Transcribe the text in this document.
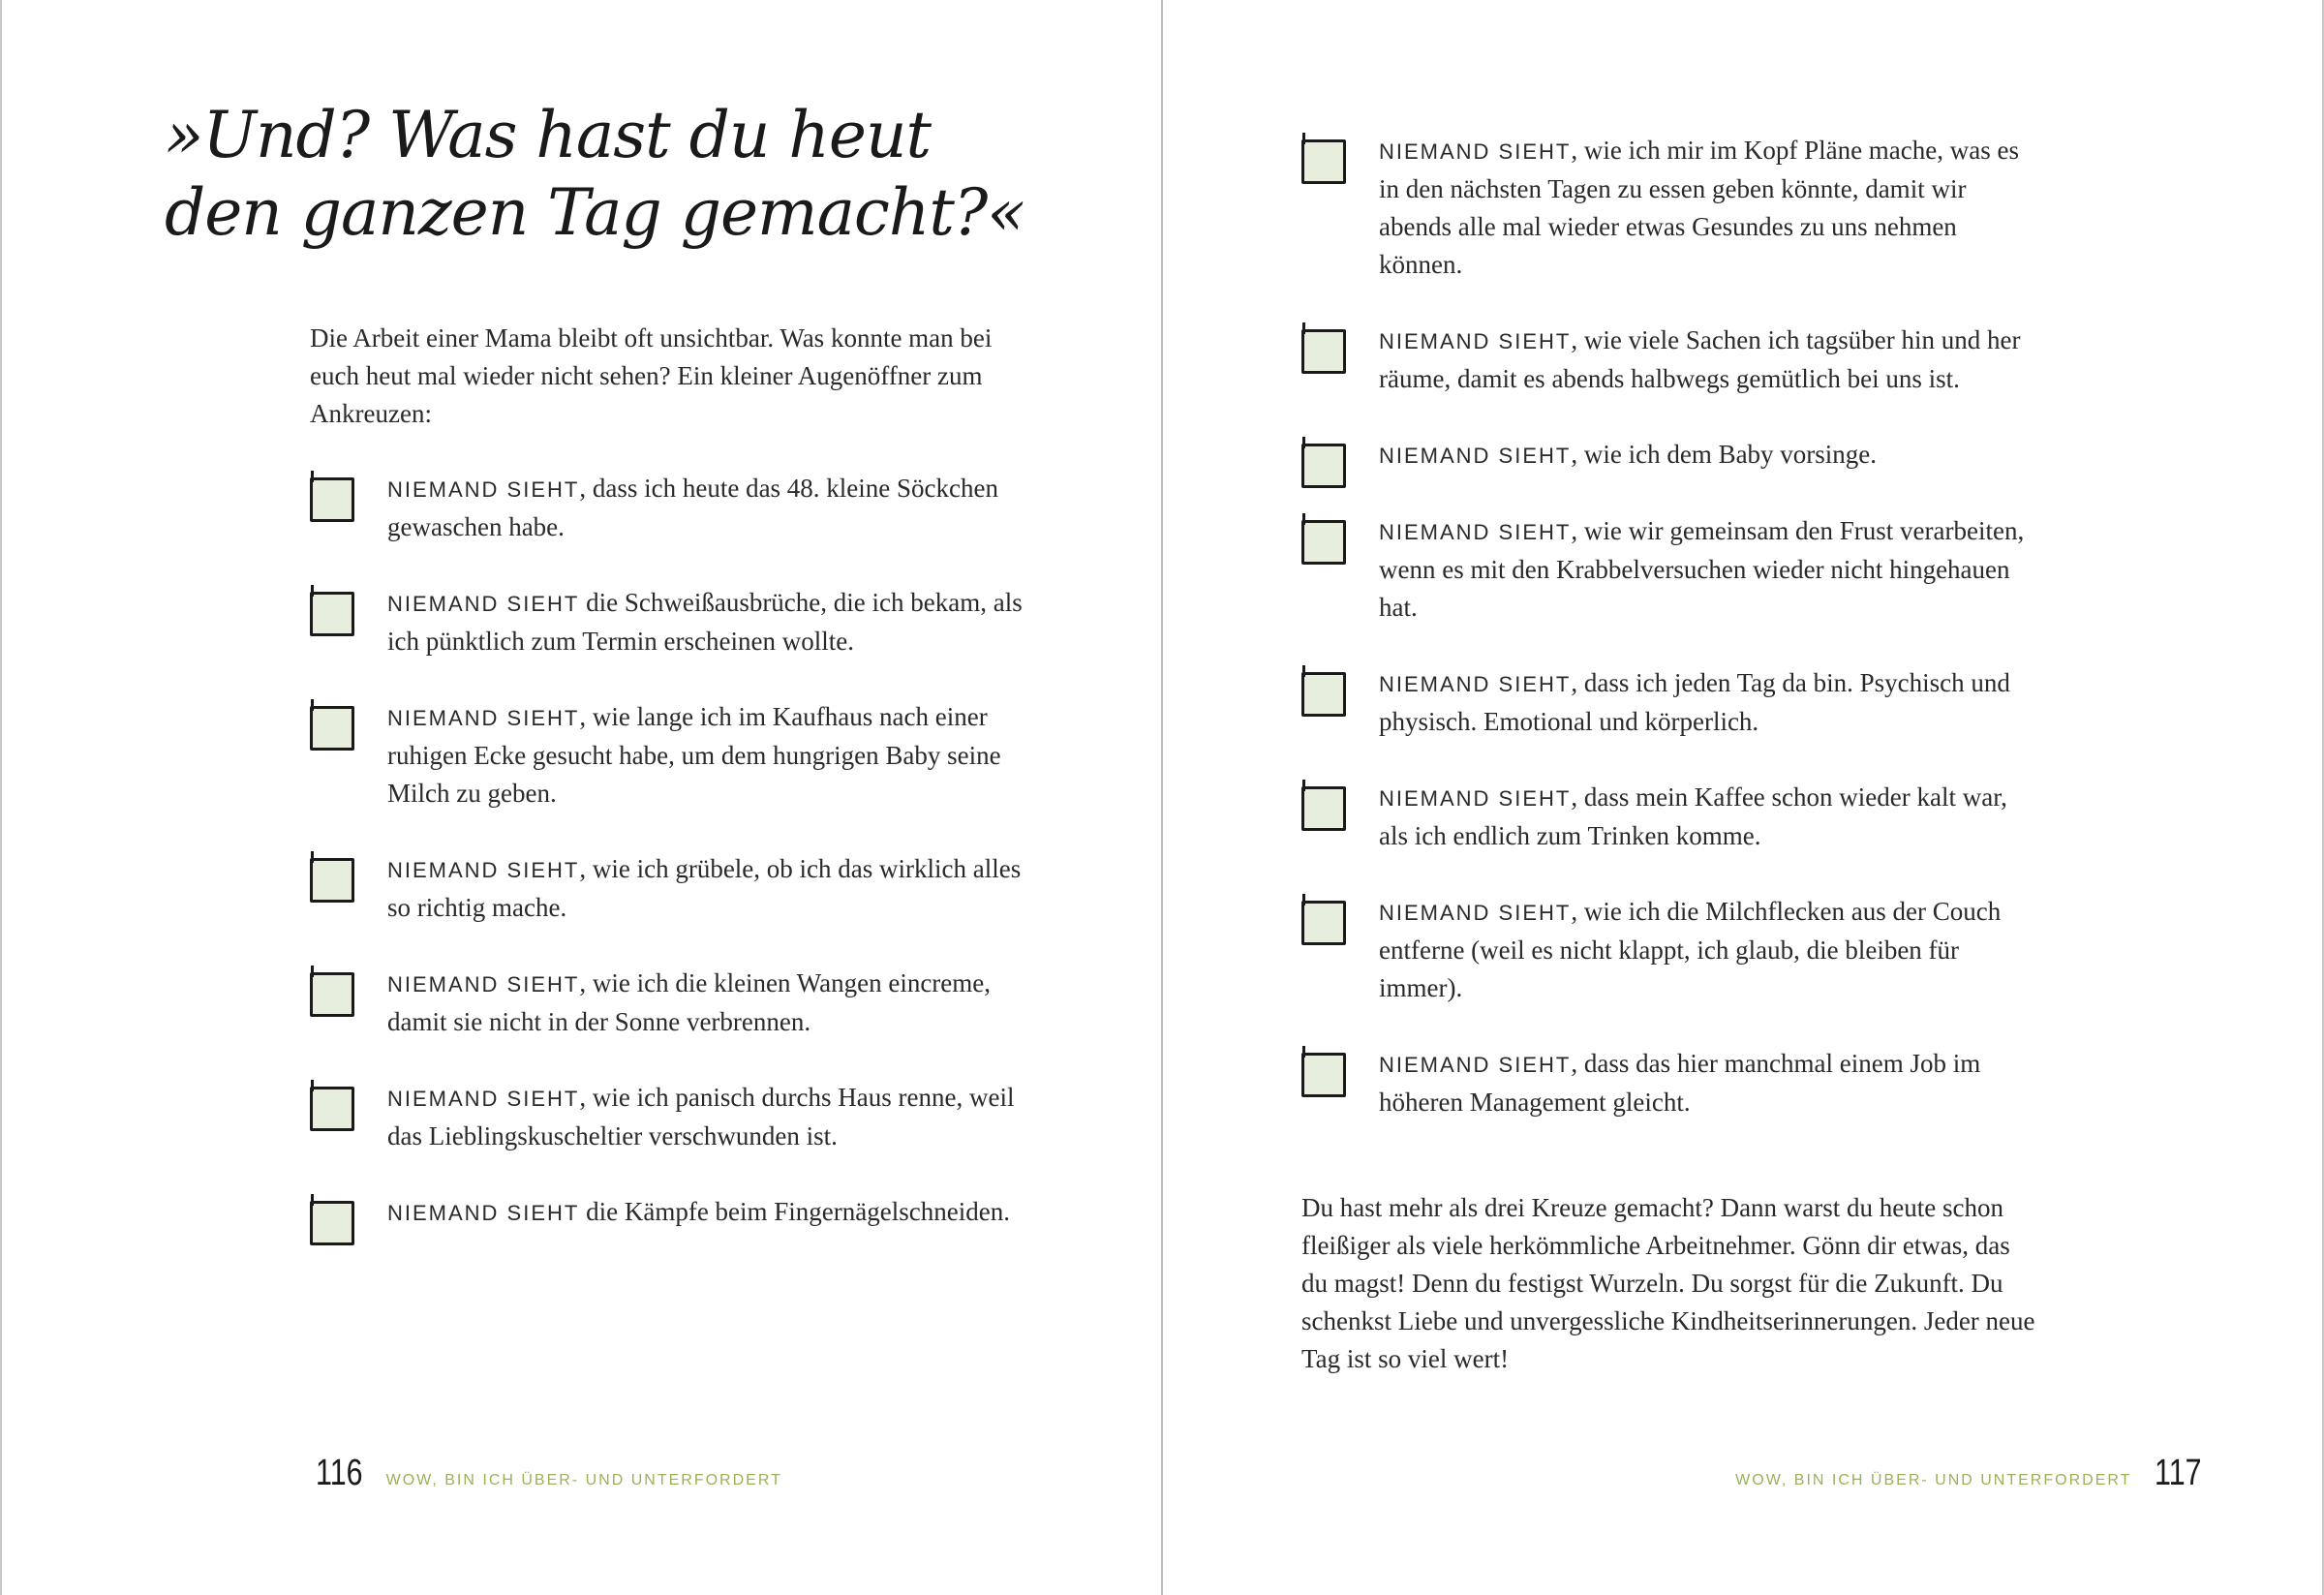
»Und? Was hast du heut
den ganzen Tag gemacht?«

Die Arbeit einer Mama bleibt oft unsichtbar. Was konnte man bei euch heut mal wieder nicht sehen? Ein kleiner Augenöffner zum Ankreuzen:

NIEMAND SIEHT, dass ich heute das 48. kleine Söckchen gewaschen habe.
NIEMAND SIEHT die Schweißausbrüche, die ich bekam, als ich pünktlich zum Termin erscheinen wollte.
NIEMAND SIEHT, wie lange ich im Kaufhaus nach einer ruhigen Ecke gesucht habe, um dem hungrigen Baby seine Milch zu geben.
NIEMAND SIEHT, wie ich grübele, ob ich das wirklich alles so richtig mache.
NIEMAND SIEHT, wie ich die kleinen Wangen eincreme, damit sie nicht in der Sonne verbrennen.
NIEMAND SIEHT, wie ich panisch durchs Haus renne, weil das Lieblingskuscheltier verschwunden ist.
NIEMAND SIEHT die Kämpfe beim Fingernägelschneiden.
116 WOW, BIN ICH ÜBER- UND UNTERFORDERT
NIEMAND SIEHT, wie ich mir im Kopf Pläne mache, was es in den nächsten Tagen zu essen geben könnte, damit wir abends alle mal wieder etwas Gesundes zu uns nehmen können.
NIEMAND SIEHT, wie viele Sachen ich tagsüber hin und her räume, damit es abends halbwegs gemütlich bei uns ist.
NIEMAND SIEHT, wie ich dem Baby vorsinge.
NIEMAND SIEHT, wie wir gemeinsam den Frust verarbeiten, wenn es mit den Krabbelversuchen wieder nicht hingehauen hat.
NIEMAND SIEHT, dass ich jeden Tag da bin. Psychisch und physisch. Emotional und körperlich.
NIEMAND SIEHT, dass mein Kaffee schon wieder kalt war, als ich endlich zum Trinken komme.
NIEMAND SIEHT, wie ich die Milchflecken aus der Couch entferne (weil es nicht klappt, ich glaub, die bleiben für immer).
NIEMAND SIEHT, dass das hier manchmal einem Job im höheren Management gleicht.

Du hast mehr als drei Kreuze gemacht? Dann warst du heute schon fleißiger als viele herkömmliche Arbeitnehmer. Gönn dir etwas, das du magst! Denn du festigst Wurzeln. Du sorgst für die Zukunft. Du schenkst Liebe und unvergessliche Kindheitserinnerungen. Jeder neue Tag ist so viel wert!

WOW, BIN ICH ÜBER- UND UNTERFORDERT 117
